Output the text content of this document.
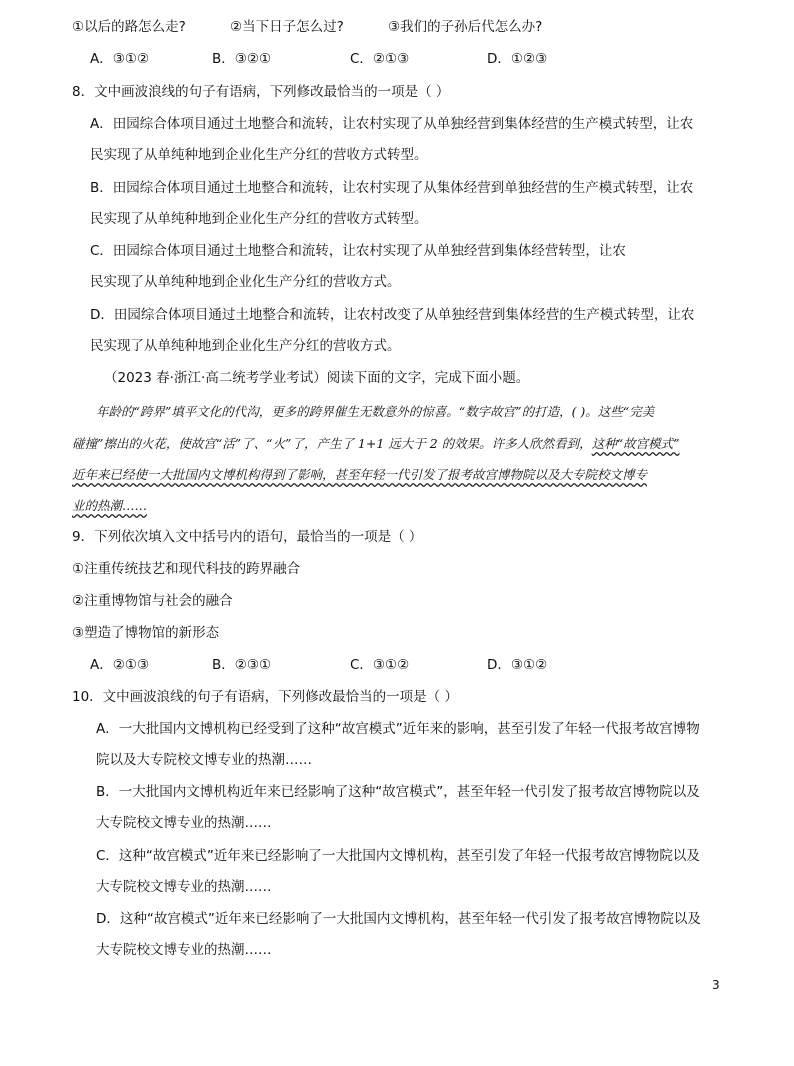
①以后的路怎么走?	②当下日子怎么过?	③我们的子孙后代怎么办?
A．③①②	B．③②①	C．②①③	D．①②③
8．文中画波浪线的句子有语病，下列修改最恰当的一项是（ ）
A．田园综合体项目通过土地整合和流转，让农村实现了从单独经营到集体经营的生产模式转型，让农
民实现了从单纯种地到企业化生产分红的营收方式转型。
B．田园综合体项目通过土地整合和流转，让农村实现了从集体经营到单独经营的生产模式转型，让农
民实现了从单纯种地到企业化生产分红的营收方式转型。
C．田园综合体项目通过土地整合和流转，让农村实现了从单独经营到集体经营转型，让农
民实现了从单纯种地到企业化生产分红的营收方式。
D．田园综合体项目通过土地整合和流转，让农村改变了从单独经营到集体经营的生产模式转型，让农
民实现了从单纯种地到企业化生产分红的营收方式。
（2023 春·浙江·高二统考学业考试）阅读下面的文字，完成下面小题。
年龄的“跨界”填平文化的代沟，更多的跨界催生无数意外的惊喜。“数字故宫”的打造，( )。这些“完美
碰撞”擦出的火花，使故宫“活”了、“火”了，产生了 1+1 远大于 2 的效果。许多人欣然看到，这种“故宫模式”
近年来已经使一大批国内文博机构得到了影响，甚至年轻一代引发了报考故宫博物院以及大专院校文博专
业的热潮……
9．下列依次填入文中括号内的语句，最恰当的一项是（ ）
①注重传统技艺和现代科技的跨界融合
②注重博物馆与社会的融合
③塑造了博物馆的新形态
A．②①③	B．②③①	C．③①②	D．③①②
10．文中画波浪线的句子有语病，下列修改最恰当的一项是（ ）
A．一大批国内文博机构已经受到了这种“故宫模式”近年来的影响，甚至引发了年轻一代报考故宫博物
院以及大专院校文博专业的热潮……
B．一大批国内文博机构近年来已经影响了这种“故宫模式”，甚至年轻一代引发了报考故宫博物院以及
大专院校文博专业的热潮……
C．这种“故宫模式”近年来已经影响了一大批国内文博机构，甚至引发了年轻一代报考故宫博物院以及
大专院校文博专业的热潮……
D．这种“故宫模式”近年来已经影响了一大批国内文博机构，甚至年轻一代引发了报考故宫博物院以及
大专院校文博专业的热潮……
3
